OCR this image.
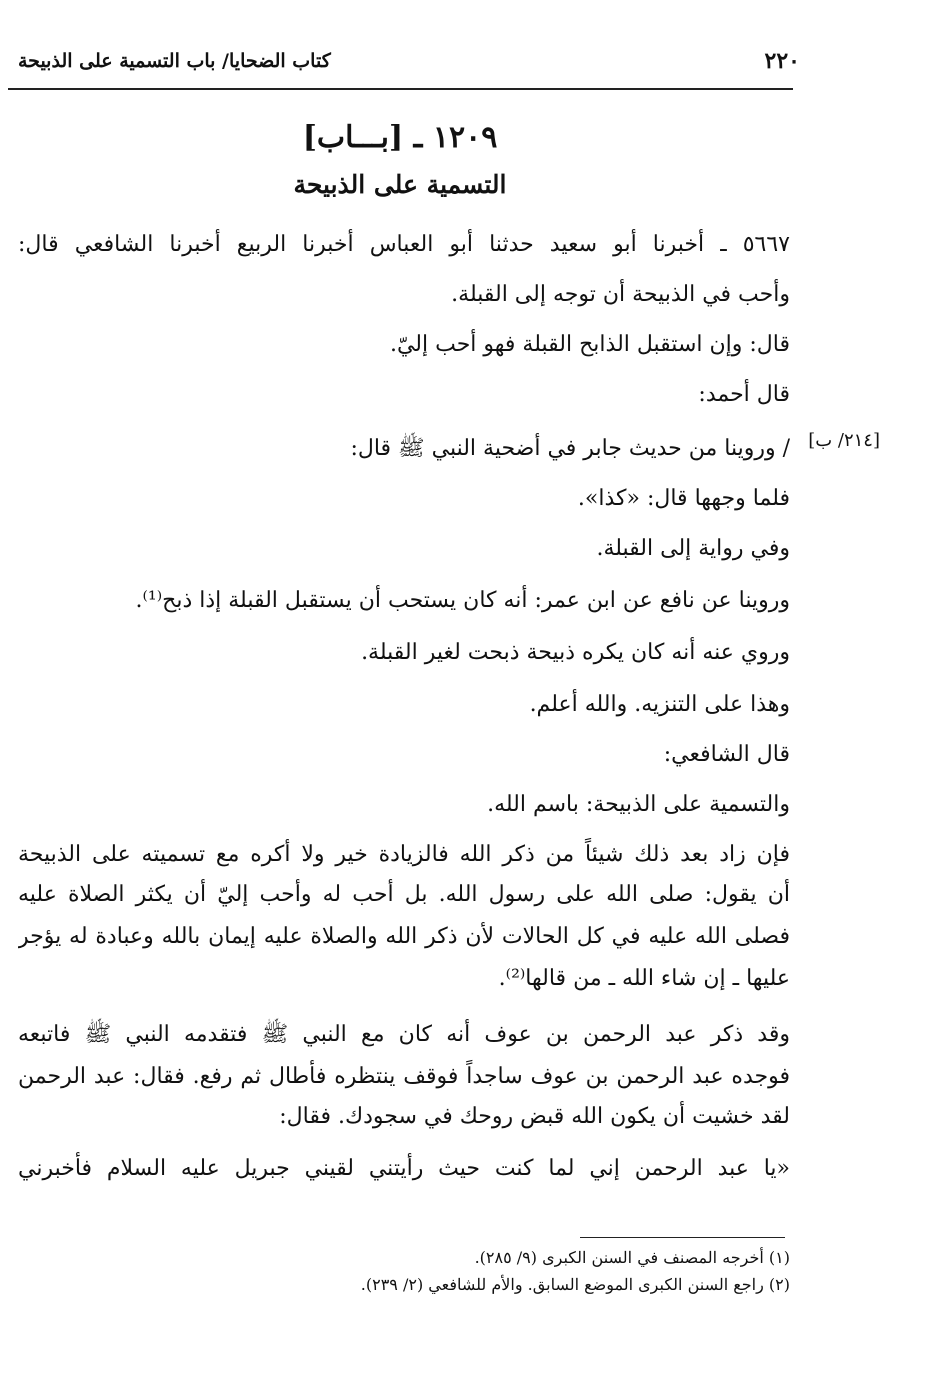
كتاب الضحايا/ باب التسمية على الذبيحة	٢٢٠
١٢٠٩ ـ [بـــاب]
التسمية على الذبيحة
[٢١٤/ ب]
٥٦٦٧ ـ أخبرنا أبو سعيد حدثنا أبو العباس أخبرنا الربيع أخبرنا الشافعي قال:
وأحب في الذبيحة أن توجه إلى القبلة.
قال: وإن استقبل الذابح القبلة فهو أحب إليّ.
قال أحمد:
/ وروينا من حديث جابر في أضحية النبي ﷺ قال:
فلما وجهها قال: «كذا».
وفي رواية إلى القبلة.
وروينا عن نافع عن ابن عمر: أنه كان يستحب أن يستقبل القبلة إذا ذبح⁽¹⁾.
وروي عنه أنه كان يكره ذبيحة ذبحت لغير القبلة.
وهذا على التنزيه. والله أعلم.
قال الشافعي:
والتسمية على الذبيحة: باسم الله.
فإن زاد بعد ذلك شيئاً من ذكر الله فالزيادة خير ولا أكره مع تسميته على الذبيحة
أن يقول: صلى الله على رسول الله. بل أحب له وأحب إليّ أن يكثر الصلاة عليه
فصلى الله عليه في كل الحالات لأن ذكر الله والصلاة عليه إيمان بالله وعبادة له يؤجر
عليها ـ إن شاء الله ـ من قالها⁽²⁾.
وقد ذكر عبد الرحمن بن عوف أنه كان مع النبي ﷺ فتقدمه النبي ﷺ فاتبعه
فوجده عبد الرحمن بن عوف ساجداً فوقف ينتظره فأطال ثم رفع. فقال: عبد الرحمن
لقد خشيت أن يكون الله قبض روحك في سجودك. فقال:
«يا عبد الرحمن إني لما كنت حيث رأيتني لقيني جبريل عليه السلام فأخبرني
(١) أخرجه المصنف في السنن الكبرى (٩/ ٢٨٥).
(٢) راجع السنن الكبرى الموضع السابق. والأم للشافعي (٢/ ٢٣٩).
